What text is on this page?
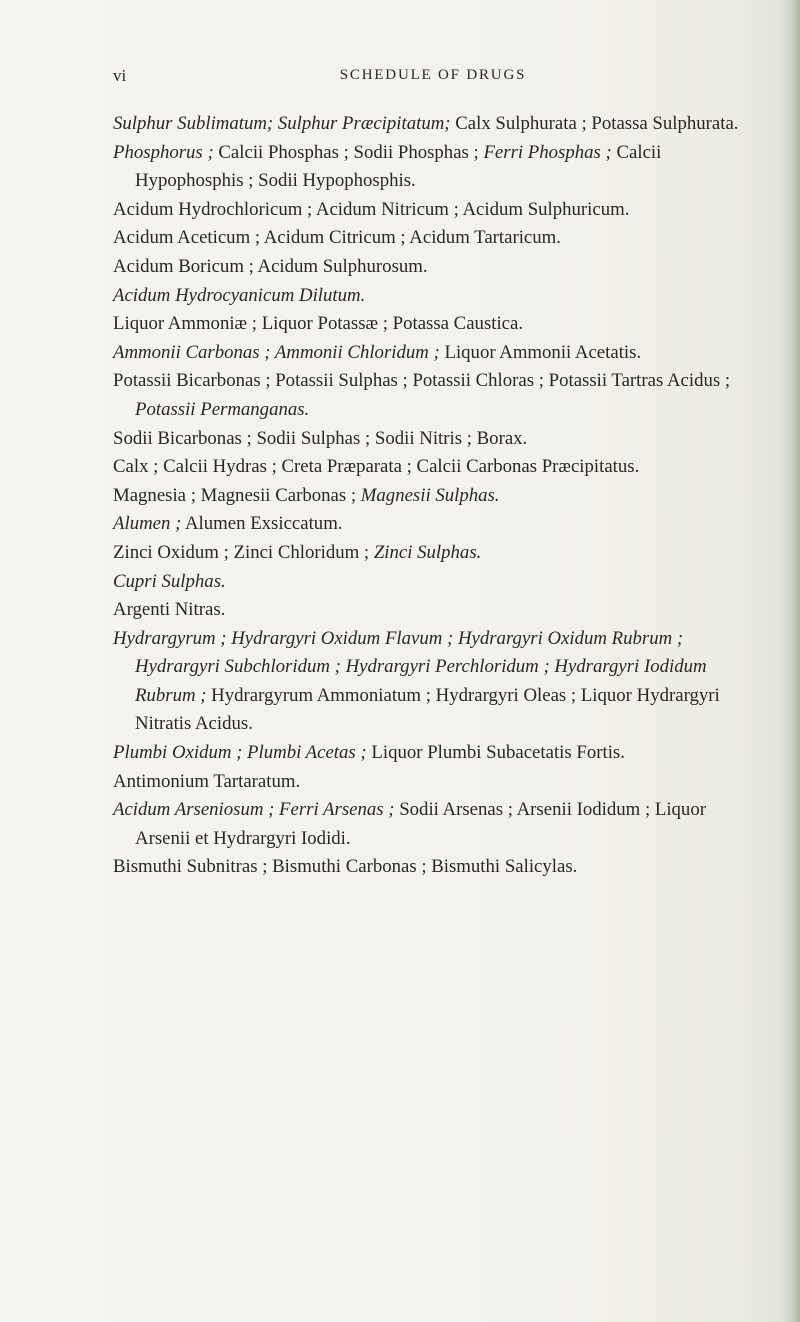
vi	SCHEDULE OF DRUGS

Sulphur Sublimatum; Sulphur Præcipitatum; Calx Sulphurata ; Potassa Sulphurata.

Phosphorus ; Calcii Phosphas ; Sodii Phosphas ; Ferri Phosphas ; Calcii Hypophosphis ; Sodii Hypophosphis.

Acidum Hydrochloricum ; Acidum Nitricum ; Acidum Sulphuricum.

Acidum Aceticum ; Acidum Citricum ; Acidum Tartaricum.

Acidum Boricum ; Acidum Sulphurosum.

Acidum Hydrocyanicum Dilutum.

Liquor Ammoniæ ; Liquor Potassæ ; Potassa Caustica.

Ammonii Carbonas ; Ammonii Chloridum ; Liquor Ammonii Acetatis.

Potassii Bicarbonas ; Potassii Sulphas ; Potassii Chloras ; Potassii Tartras Acidus ; Potassii Permanganas.

Sodii Bicarbonas ; Sodii Sulphas ; Sodii Nitris ; Borax.

Calx ; Calcii Hydras ; Creta Præparata ; Calcii Carbonas Præcipitatus.

Magnesia ; Magnesii Carbonas ; Magnesii Sulphas.

Alumen ; Alumen Exsiccatum.

Zinci Oxidum ; Zinci Chloridum ; Zinci Sulphas.

Cupri Sulphas.

Argenti Nitras.

Hydrargyrum ; Hydrargyri Oxidum Flavum ; Hydrargyri Oxidum Rubrum ; Hydrargyri Subchloridum ; Hydrargyri Perchloridum ; Hydrargyri Iodidum Rubrum ; Hydrargyrum Ammoniatum ; Hydrargyri Oleas ; Liquor Hydrargyri Nitratis Acidus.

Plumbi Oxidum ; Plumbi Acetas ; Liquor Plumbi Subacetatis Fortis.

Antimonium Tartaratum.

Acidum Arseniosum ; Ferri Arsenas ; Sodii Arsenas ; Arsenii Iodidum ; Liquor Arsenii et Hydrargyri Iodidi.

Bismuthi Subnitras ; Bismuthi Carbonas ; Bismuthi Salicylas.
